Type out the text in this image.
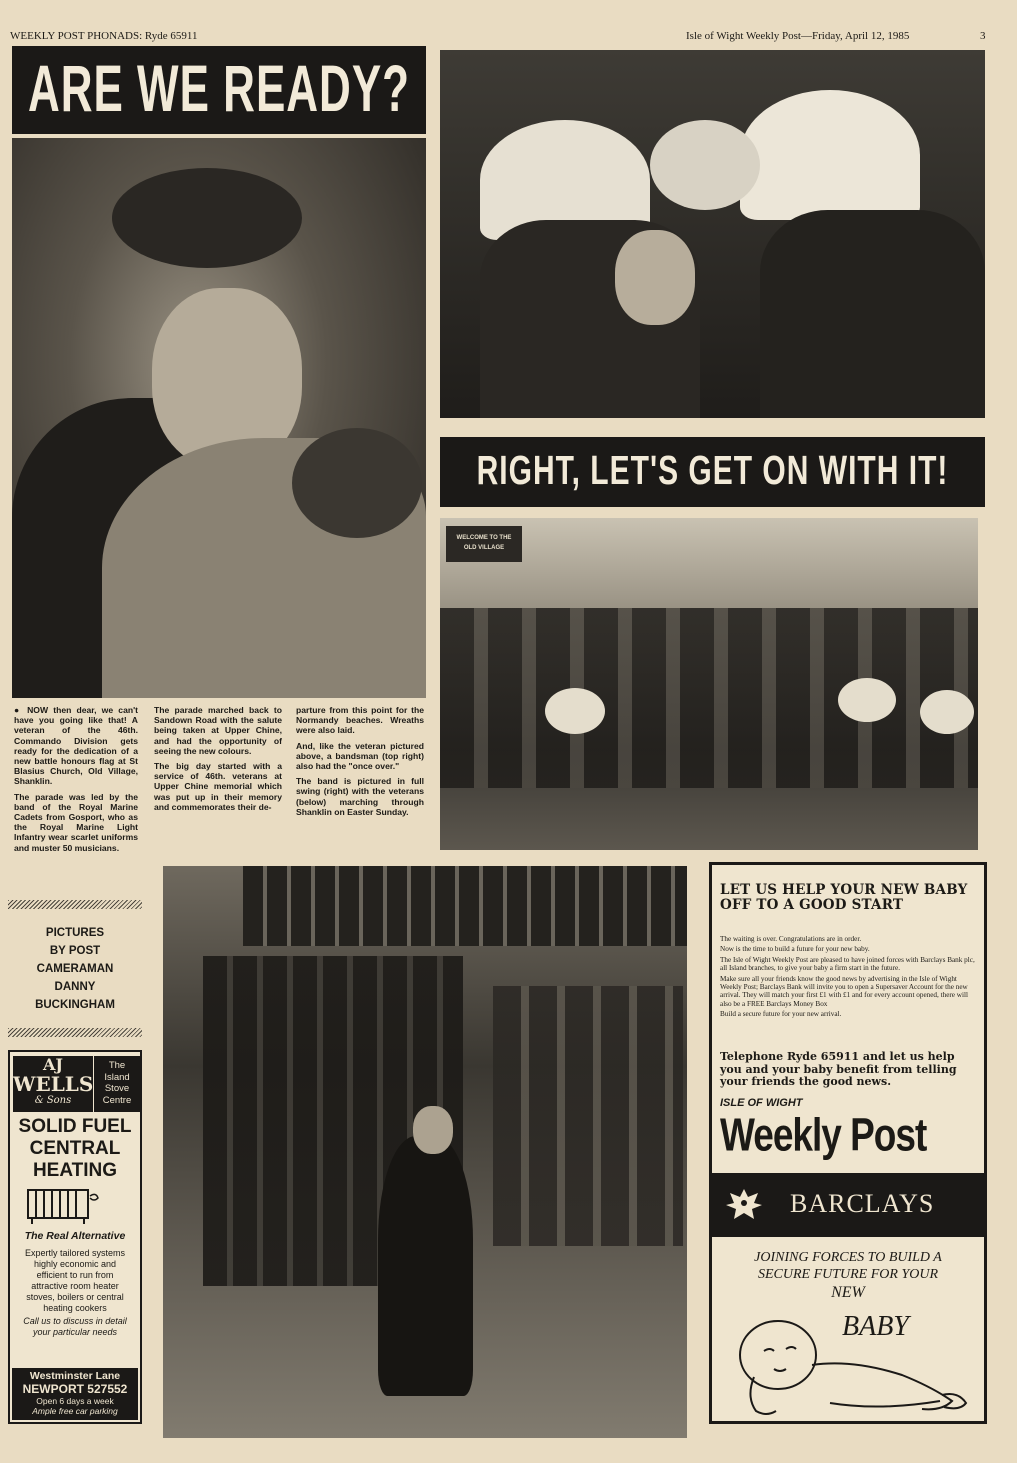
WEEKLY POST PHONADS: Ryde 65911	Isle of Wight Weekly Post—Friday, April 12, 1985	3
ARE WE READY?
RIGHT, LET'S GET ON WITH IT!
WELCOME TO THE
OLD VILLAGE

● NOW then dear, we can't have you going like that! A veteran of the 46th. Commando Division gets ready for the dedication of a new battle honours flag at St Blasius Church, Old Village, Shanklin.

The parade was led by the band of the Royal Marine Cadets from Gosport, who as the Royal Marine Light Infantry wear scarlet uniforms and muster 50 musicians.

The parade marched back to Sandown Road with the salute being taken at Upper Chine, and had the opportunity of seeing the new colours.

The big day started with a service of 46th. veterans at Upper Chine memorial which was put up in their memory and commemorates their de-

parture from this point for the Normandy beaches. Wreaths were also laid.

And, like the veteran pictured above, a bandsman (top right) also had the "once over."

The band is pictured in full swing (right) with the veterans (below) marching through Shanklin on Easter Sunday.

PICTURES
BY POST
CAMERAMAN
DANNY
BUCKINGHAM
AJ
WELLS
& Sons
The
Island
Stove
Centre
SOLID FUEL
CENTRAL
HEATING
The Real Alternative
Expertly tailored systems highly economic and efficient to run from attractive room heater stoves, boilers or central heating cookers
Call us to discuss in detail your particular needs
Westminster Lane
NEWPORT 527552
Open 6 days a week
Ample free car parking
LET US HELP YOUR NEW BABY OFF TO A GOOD START
The waiting is over. Congratulations are in order.
Now is the time to build a future for your new baby.
The Isle of Wight Weekly Post are pleased to have joined forces with Barclays Bank plc, all Island branches, to give your baby a firm start in the future.
Make sure all your friends know the good news by advertising in the Isle of Wight Weekly Post; Barclays Bank will invite you to open a Supersaver Account for the new arrival. They will match your first £1 with £1 and for every account opened, there will also be a FREE Barclays Money Box
Build a secure future for your new arrival.
Telephone Ryde 65911 and let us help you and your baby benefit from telling your friends the good news.
ISLE OF WIGHT
Weekly Post
BARCLAYS
JOINING FORCES TO BUILD A
SECURE FUTURE FOR YOUR
NEW
BABY
